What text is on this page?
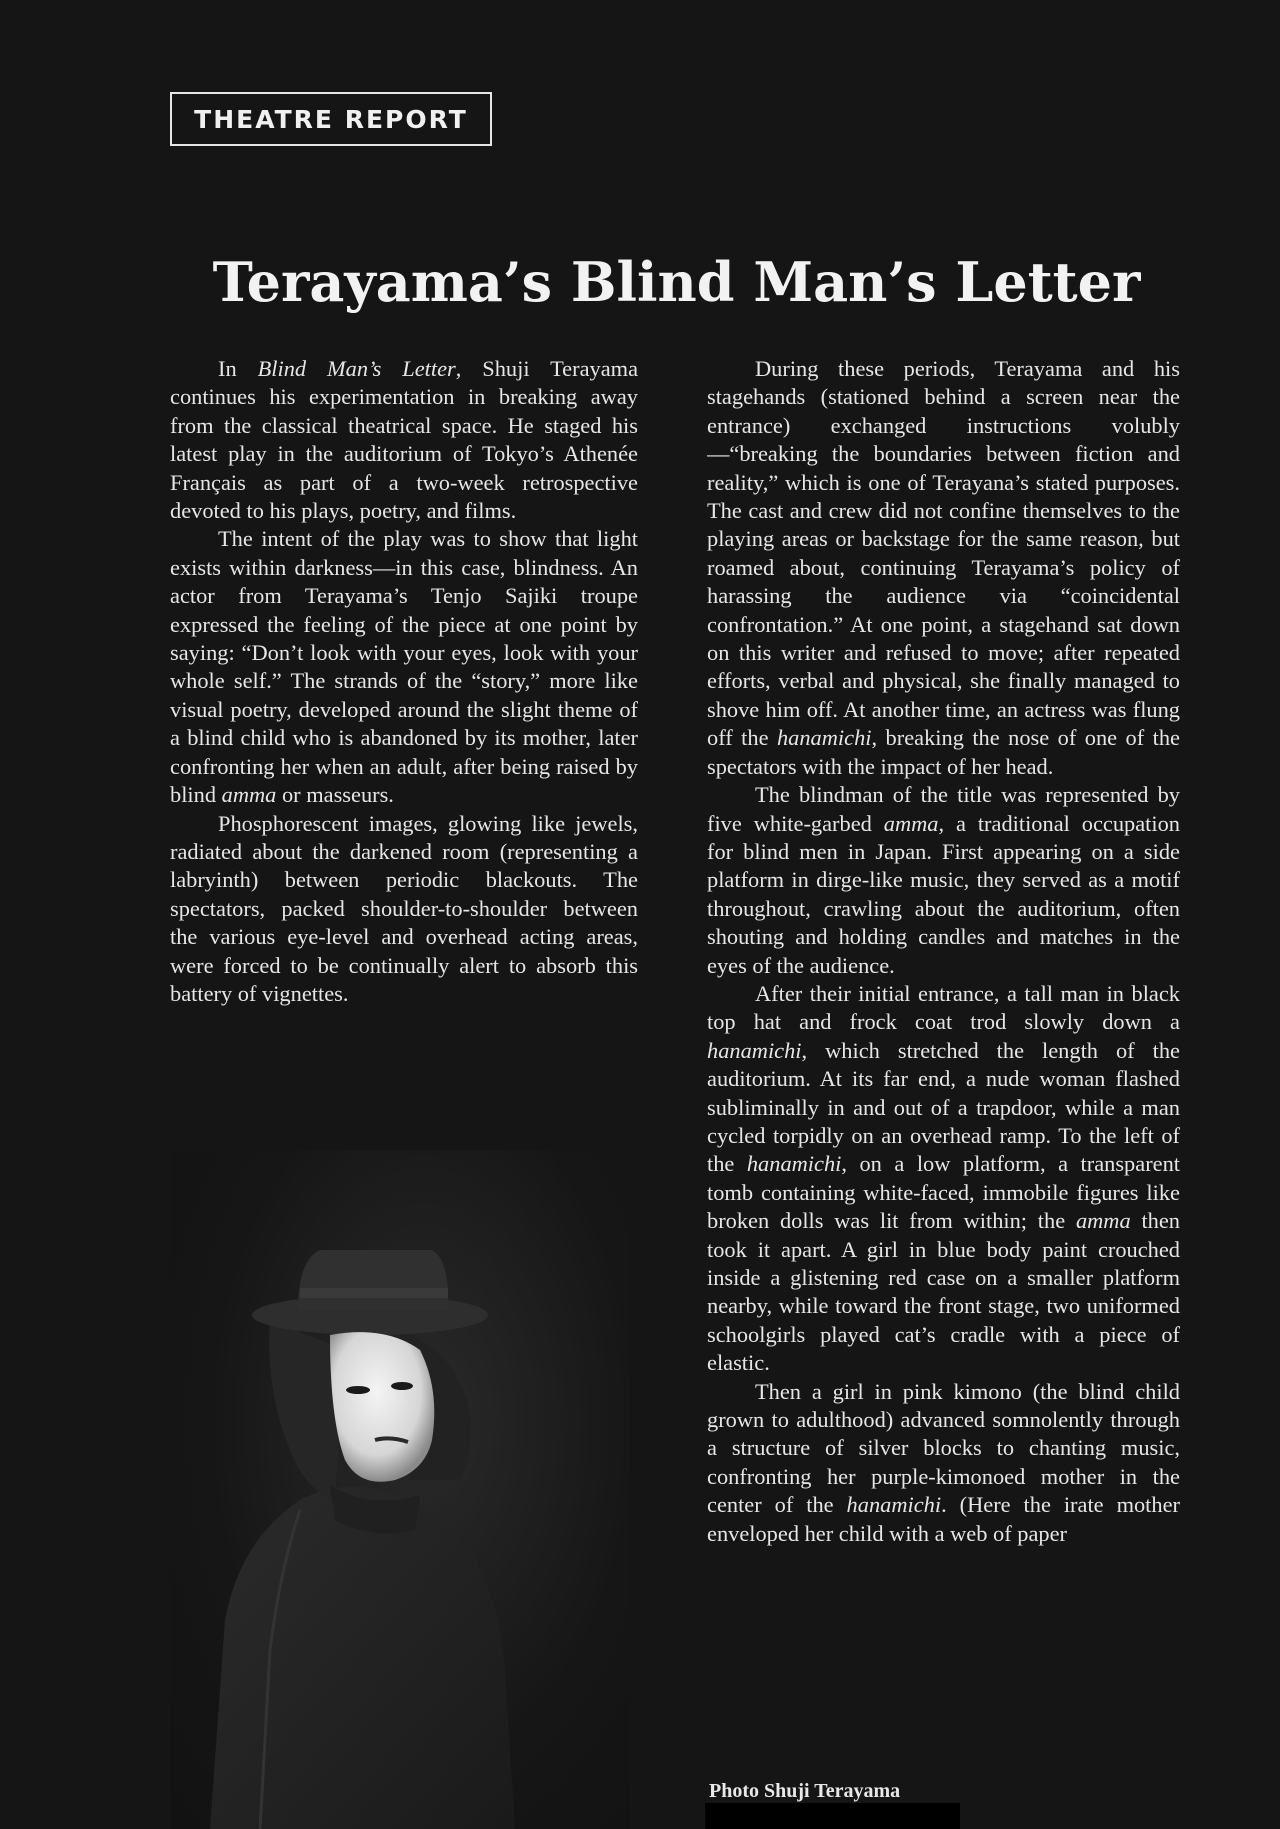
THEATRE REPORT
Terayama’s Blind Man’s Letter

In Blind Man’s Letter, Shuji Terayama continues his experimentation in breaking away from the classical theatrical space. He staged his latest play in the auditorium of Tokyo’s Athenée Français as part of a two-week retrospective devoted to his plays, poetry, and films.

The intent of the play was to show that light exists within darkness—in this case, blindness. An actor from Terayama’s Tenjo Sajiki troupe expressed the feeling of the piece at one point by saying: “Don’t look with your eyes, look with your whole self.” The strands of the “story,” more like visual poetry, developed around the slight theme of a blind child who is abandoned by its mother, later confronting her when an adult, after being raised by blind amma or masseurs.

Phosphorescent images, glowing like jewels, radiated about the darkened room (representing a labryinth) between periodic blackouts. The spectators, packed shoulder-to-shoulder between the various eye-level and overhead acting areas, were forced to be continually alert to absorb this battery of vignettes.

During these periods, Terayama and his stagehands (stationed behind a screen near the entrance) exchanged instructions volubly—“breaking the boundaries between fiction and reality,” which is one of Terayana’s stated purposes. The cast and crew did not confine themselves to the playing areas or backstage for the same reason, but roamed about, continuing Terayama’s policy of harassing the audience via “coincidental confrontation.” At one point, a stagehand sat down on this writer and refused to move; after repeated efforts, verbal and physical, she finally managed to shove him off. At another time, an actress was flung off the hanamichi, breaking the nose of one of the spectators with the impact of her head.

The blindman of the title was represented by five white-garbed amma, a traditional occupation for blind men in Japan. First appearing on a side platform in dirge-like music, they served as a motif throughout, crawling about the auditorium, often shouting and holding candles and matches in the eyes of the audience.

After their initial entrance, a tall man in black top hat and frock coat trod slowly down a hanamichi, which stretched the length of the auditorium. At its far end, a nude woman flashed subliminally in and out of a trapdoor, while a man cycled torpidly on an overhead ramp. To the left of the hanamichi, on a low platform, a transparent tomb containing white-faced, immobile figures like broken dolls was lit from within; the amma then took it apart. A girl in blue body paint crouched inside a glistening red case on a smaller platform nearby, while toward the front stage, two uniformed schoolgirls played cat’s cradle with a piece of elastic.

Then a girl in pink kimono (the blind child grown to adulthood) advanced somnolently through a structure of silver blocks to chanting music, confronting her purple-kimonoed mother in the center of the hanamichi. (Here the irate mother enveloped her child with a web of paper

Photo Shuji Terayama
